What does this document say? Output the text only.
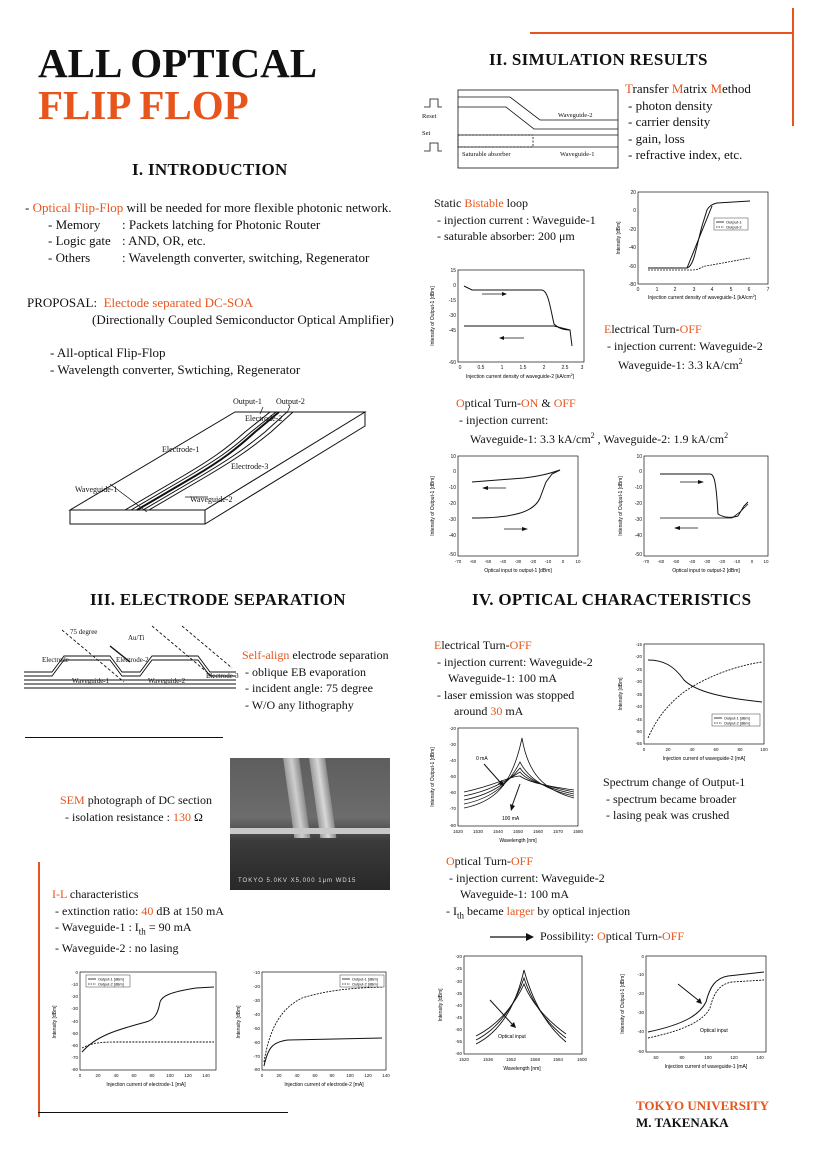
ALL OPTICAL
FLIP FLOP
I. INTRODUCTION
- Optical Flip-Flop will be needed for more flexible photonic network.
- Memory : Packets latching for Photonic Router
- Logic gate : AND, OR, etc.
- Others : Wavelength converter, switching, Regenerator
PROPOSAL: Electode separated DC-SOA
(Directionally Coupled Semiconductor Optical Amplifier)
- All-optical Flip-Flop
- Wavelength converter, Swtiching, Regenerator
Output-1 Output-2
Electrode-2
Electrode-1
Electrode-3
Waveguide-1
Waveguide-2
II. SIMULATION RESULTS
Reset
Set
Waveguide-2
Waveguide-1
Saturable absorber
Transfer Matrix Method
- photon density
- carrier density
- gain, loss
- refractive index, etc.
Static Bistable loop
- injection current : Waveguide-1
- saturable absorber: 200 μm
Electrical Turn-OFF
- injection current: Waveguide-2
Waveguide-1: 3.3 $kA/cm^2$
Optical Turn-ON & OFF
- injection current:
Waveguide-1: 3.3 $kA/cm^2$ , Waveguide-2: 1.9 $kA/cm^2$
III. ELECTRODE SEPARATION
75 degree
Au/Ti
Electrode	Electrode-2
Electrode-3
Waveguide-1	Waveguide-2
Self-align electrode separation
- oblique EB evaporation
- incident angle: 75 degree
- W/O any lithography
SEM photograph of DC section
- isolation resistance : 130 Ω
TOKYO 5.0KV X5,000 1μm WD15
I-L characteristics
- extinction ratio: 40 dB at 150 mA
- Waveguide-1 : $I_{th} = 90$ mA
- Waveguide-2 : no lasing
IV. OPTICAL CHARACTERISTICS
Electrical Turn-OFF
- injection current: Waveguide-2
Waveguide-1: 100 mA
- laser emission was stopped
around 30 mA
Spectrum change of Output-1
- spectrum became broader
- lasing peak was crushed
Optical Turn-OFF
- injection current: Waveguide-2
Waveguide-1: 100 mA
- $I_{th}$ became larger by optical injection
Possibility: Optical Turn-OFF
TOKYO UNIVERSITY
M. TAKENAKA
20
0
-20
-40
-60
-80
0	1	2	3	4	5	6	7
Injection current density of waveguide-1 $[kA/cm^2]$
Intensity [dBm]	Output-1
Output-2
15
0
-15
-30
-45
-60
0	0.5	1	1.5	2	2.5 3
Injection current density of waveguide-2 $[kA/cm^2]$
Intensity of Output-1 [dBm]
10
0
-10
-20
-30
-40
-50
-70 -60 -50 -40 -30 -20 -10 0 10
Optical input to output-1 [dBm]
Intensity of Output-1 [dBm]
10
0
-10
-20
-30
-40
-50
-70 -60 -50 -40 -30 -20 -10 0 10
Optical input to output-2 [dBm]
Intensity of Output-1 [dBm]
-15
-20
-25
-30
-35
-40
-45
-50
-55
0	20	40	60	80	100
Injection current of waveguide-2 [mA]
Intensity [dBm]
Output-1 [dBm]
Output-2 [dBm]
-20
-30
-40
-50
-60
-70
-80
1520 1530 1540 1550 1560 1570 1580
Wavelength [nm]
Intensity of Output-1 [dBm]	0 mA
100 mA
-20
-25
-30
-35
-40
-45
-50
-55
-60
1520	1536	1552	1568	1584	1600
Wavelength [nm]
Intensity [dBm]
Optical input
0
-10
-20
-30
-40
-50
60	80	100	120	140
Injection current of waveguide-1 [mA]
Intensity of Output-1 [dBm]	Optical input
0
-10
-20
-30
-40
-50
-60
-70
-80
0	20	40	60	80	100 120 140
Injection current of electrode-1 [mA]
Intensity [dBm]
Output-1 [dBm]
Output-2 [dBm]
-10
-20
-30
-40
-50
-60
-70
-80
0	20	40	60	80	100 120 140
Injection current of electrode-2 [mA]
Intensity [dBm]
Output-1 [dBm]
Output-2 [dBm]
